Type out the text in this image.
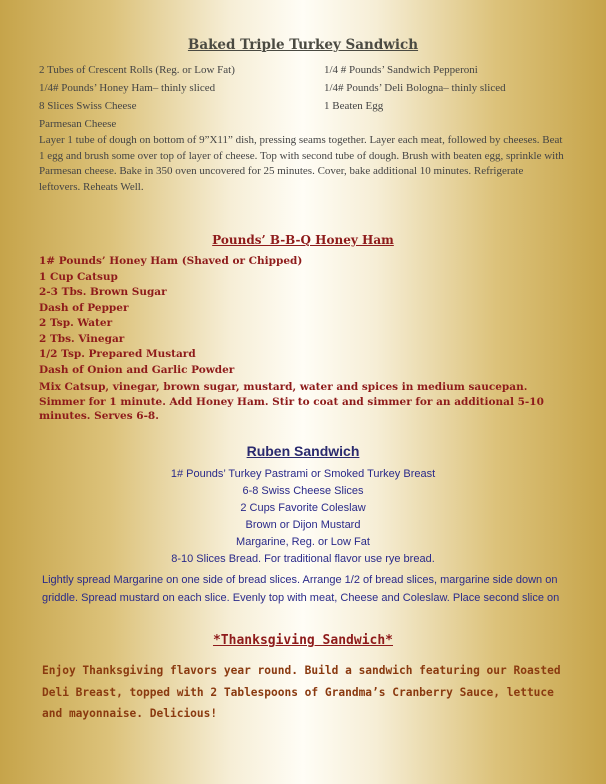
Baked Triple Turkey Sandwich
2 Tubes of Crescent Rolls (Reg. or Low Fat)
1/4# Pounds’ Honey Ham– thinly sliced
8 Slices Swiss Cheese
Parmesan Cheese
1/4 # Pounds’ Sandwich Pepperoni
1/4# Pounds’ Deli Bologna– thinly sliced
1 Beaten Egg
Layer 1 tube of dough on bottom of 9”X11” dish, pressing seams together. Layer each meat, followed by cheeses. Beat 1 egg and brush some over top of layer of cheese. Top with second tube of dough. Brush with beaten egg, sprinkle with Parmesan cheese. Bake in 350 oven uncovered for 25 minutes. Cover, bake additional 10 minutes. Refrigerate leftovers. Reheats Well.
Pounds’ B-B-Q Honey Ham
1# Pounds’ Honey Ham (Shaved or Chipped)
1 Cup Catsup
2-3 Tbs. Brown Sugar
Dash of Pepper
2 Tsp. Water
2 Tbs. Vinegar
1/2 Tsp. Prepared Mustard
Dash of Onion and Garlic Powder
Mix Catsup, vinegar, brown sugar, mustard, water and spices in medium saucepan. Simmer for 1 minute. Add Honey Ham. Stir to coat and simmer for an additional 5-10 minutes. Serves 6-8.
Ruben Sandwich
1# Pounds’ Turkey Pastrami or Smoked Turkey Breast
6-8 Swiss Cheese Slices
2 Cups Favorite Coleslaw
Brown or Dijon Mustard
Margarine, Reg. or Low Fat
8-10 Slices Bread. For traditional flavor use rye bread.
Lightly spread Margarine on one side of bread slices. Arrange 1/2 of bread slices, margarine side down on griddle. Spread mustard on each slice. Evenly top with meat, Cheese and Coleslaw. Place second slice on
*Thanksgiving Sandwich*
Enjoy Thanksgiving flavors year round. Build a sandwich featuring our Roasted Deli Breast, topped with 2 Tablespoons of Grandma’s Cranberry Sauce, lettuce and mayonnaise. Delicious!
